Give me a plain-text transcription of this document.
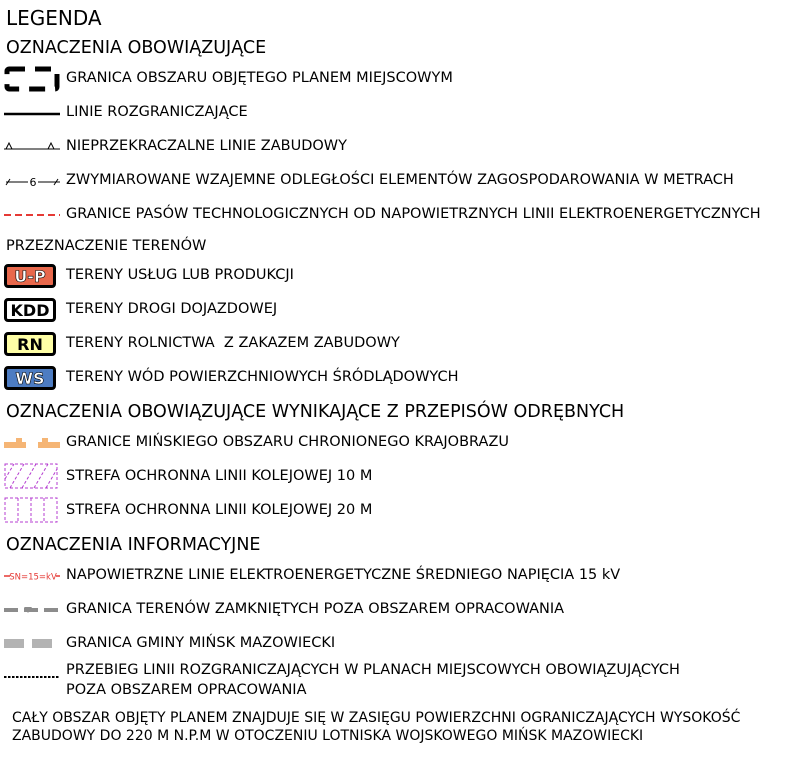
LEGENDA
OZNACZENIA OBOWIĄZUJĄCE
GRANICA OBSZARU OBJĘTEGO PLANEM MIEJSCOWYM
LINIE ROZGRANICZAJĄCE
NIEPRZEKRACZALNE LINIE ZABUDOWY
6 ZWYMIAROWANE WZAJEMNE ODLEGŁOŚCI ELEMENTÓW ZAGOSPODAROWANIA W METRACH
GRANICE PASÓW TECHNOLOGICZNYCH OD NAPOWIETRZNYCH LINII ELEKTROENERGETYCZNYCH
PRZEZNACZENIE TERENÓW
U-P	TERENY USŁUG LUB PRODUKCJI
KDD	TERENY DROGI DOJAZDOWEJ
RN	TERENY ROLNICTWA  Z ZAKAZEM ZABUDOWY
WS	TERENY WÓD POWIERZCHNIOWYCH ŚRÓDLĄDOWYCH
OZNACZENIA OBOWIĄZUJĄCE WYNIKAJĄCE Z PRZEPISÓW ODRĘBNYCH
GRANICE MIŃSKIEGO OBSZARU CHRONIONEGO KRAJOBRAZU
STREFA OCHRONNA LINII KOLEJOWEJ 10 M
STREFA OCHRONNA LINII KOLEJOWEJ 20 M
OZNACZENIA INFORMACYJNE
SN=15=kV NAPOWIETRZNE LINIE ELEKTROENERGETYCZNE ŚREDNIEGO NAPIĘCIA 15 kV
GRANICA TERENÓW ZAMKNIĘTYCH POZA OBSZAREM OPRACOWANIA
GRANICA GMINY MIŃSK MAZOWIECKI
PRZEBIEG LINII ROZGRANICZAJĄCYCH W PLANACH MIEJSCOWYCH OBOWIĄZUJĄCYCH
POZA OBSZAREM OPRACOWANIA
CAŁY OBSZAR OBJĘTY PLANEM ZNAJDUJE SIĘ W ZASIĘGU POWIERZCHNI OGRANICZAJĄCYCH WYSOKOŚĆ
ZABUDOWY DO 220 M N.P.M W OTOCZENIU LOTNISKA WOJSKOWEGO MIŃSK MAZOWIECKI
